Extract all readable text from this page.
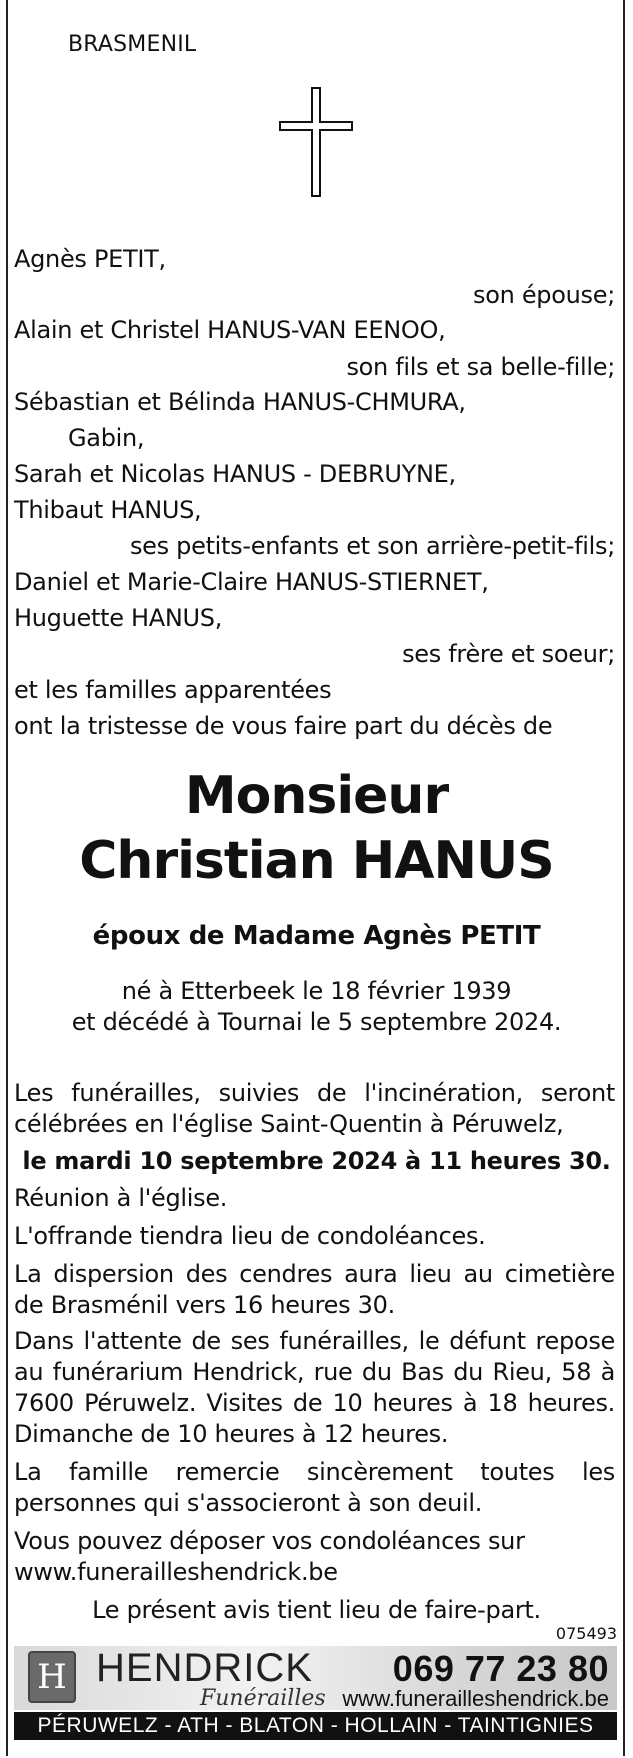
BRASMENIL
Agnès PETIT,
son épouse;
Alain et Christel HANUS-VAN EENOO,
son fils et sa belle-fille;
Sébastian et Bélinda HANUS-CHMURA,
Gabin,
Sarah et Nicolas HANUS - DEBRUYNE,
Thibaut HANUS,
ses petits-enfants et son arrière-petit-fils;
Daniel et Marie-Claire HANUS-STIERNET,
Huguette HANUS,
ses frère et soeur;
et les familles apparentées
ont la tristesse de vous faire part du décès de
Monsieur
Christian HANUS
époux de Madame Agnès PETIT
né à Etterbeek le 18 février 1939
et décédé à Tournai le 5 septembre 2024.
Les funérailles, suivies de l'incinération, seront
célébrées en l'église Saint-Quentin à Péruwelz,
le mardi 10 septembre 2024 à 11 heures 30.
Réunion à l'église.
L'offrande tiendra lieu de condoléances.
La dispersion des cendres aura lieu au cimetière
de Brasménil vers 16 heures 30.
Dans l'attente de ses funérailles, le défunt repose
au funérarium Hendrick, rue du Bas du Rieu, 58 à
7600 Péruwelz. Visites de 10 heures à 18 heures.
Dimanche de 10 heures à 12 heures.
La famille remercie sincèrement toutes les
personnes qui s'associeront à son deuil.
Vous pouvez déposer vos condoléances sur
www.funerailleshendrick.be
Le présent avis tient lieu de faire-part.
075493
H HENDRICK
Funérailles
069 77 23 80
www.funerailleshendrick.be
PÉRUWELZ - ATH - BLATON - HOLLAIN - TAINTIGNIES
